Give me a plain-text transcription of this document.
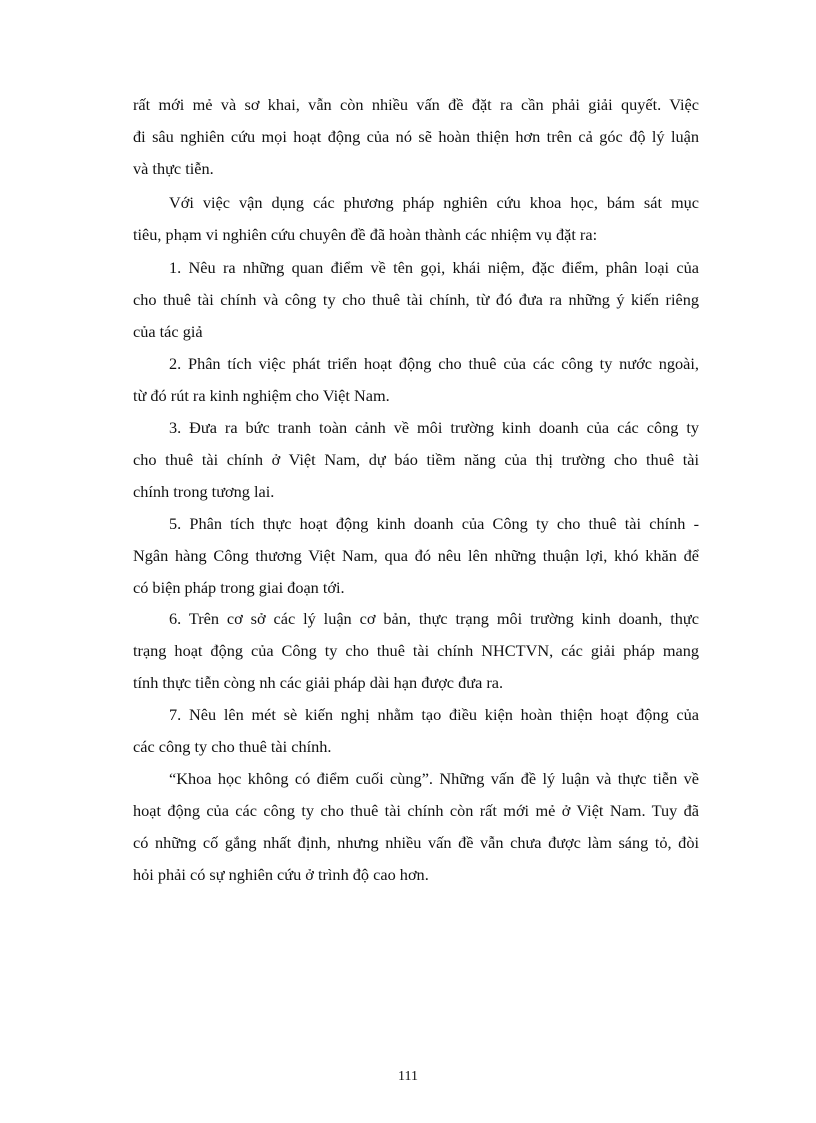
rất mới mẻ và sơ khai, vẫn còn nhiều vấn đề đặt ra cần phải giải quyết. Việc
đi sâu nghiên cứu mọi hoạt động của nó sẽ hoàn thiện hơn trên cả góc độ lý luận
và thực tiễn.
Với việc vận dụng các phương pháp nghiên cứu khoa học, bám sát mục
tiêu, phạm vi nghiên cứu chuyên đề đã hoàn thành các nhiệm vụ đặt ra:
1. Nêu ra những quan điểm về tên gọi, khái niệm, đặc điểm, phân loại của
cho thuê tài chính và công ty cho thuê tài chính, từ đó đưa ra những ý kiến riêng
của tác giả
2. Phân tích việc phát triển hoạt động cho thuê của các công ty nước ngoài,
từ đó rút ra kinh nghiệm cho Việt Nam.
3. Đưa ra bức tranh toàn cảnh về môi trường kinh doanh của các công ty
cho thuê tài chính ở Việt Nam, dự báo tiềm năng của thị trường cho thuê tài
chính trong tương lai.
5. Phân tích thực hoạt động kinh doanh của Công ty cho thuê tài chính -
Ngân hàng Công thương Việt Nam, qua đó nêu lên những thuận lợi, khó khăn để
có biện pháp trong giai đoạn tới.
6. Trên cơ sở các lý luận cơ bản, thực trạng môi trường kinh doanh, thực
trạng hoạt động của Công ty cho thuê tài chính NHCTVN, các giải pháp mang
tính thực tiễn còng nh các giải pháp dài hạn được đưa ra.
7. Nêu lên mét sè kiến nghị nhằm tạo điều kiện hoàn thiện hoạt động của
các công ty cho thuê tài chính.
“Khoa học không có điểm cuối cùng”. Những vấn đề lý luận và thực tiễn về
hoạt động của các công ty cho thuê tài chính còn rất mới mẻ ở Việt Nam. Tuy đã
có những cố gắng nhất định, nhưng nhiều vấn đề vẫn chưa được làm sáng tỏ, đòi
hỏi phải có sự nghiên cứu ở trình độ cao hơn.
111
